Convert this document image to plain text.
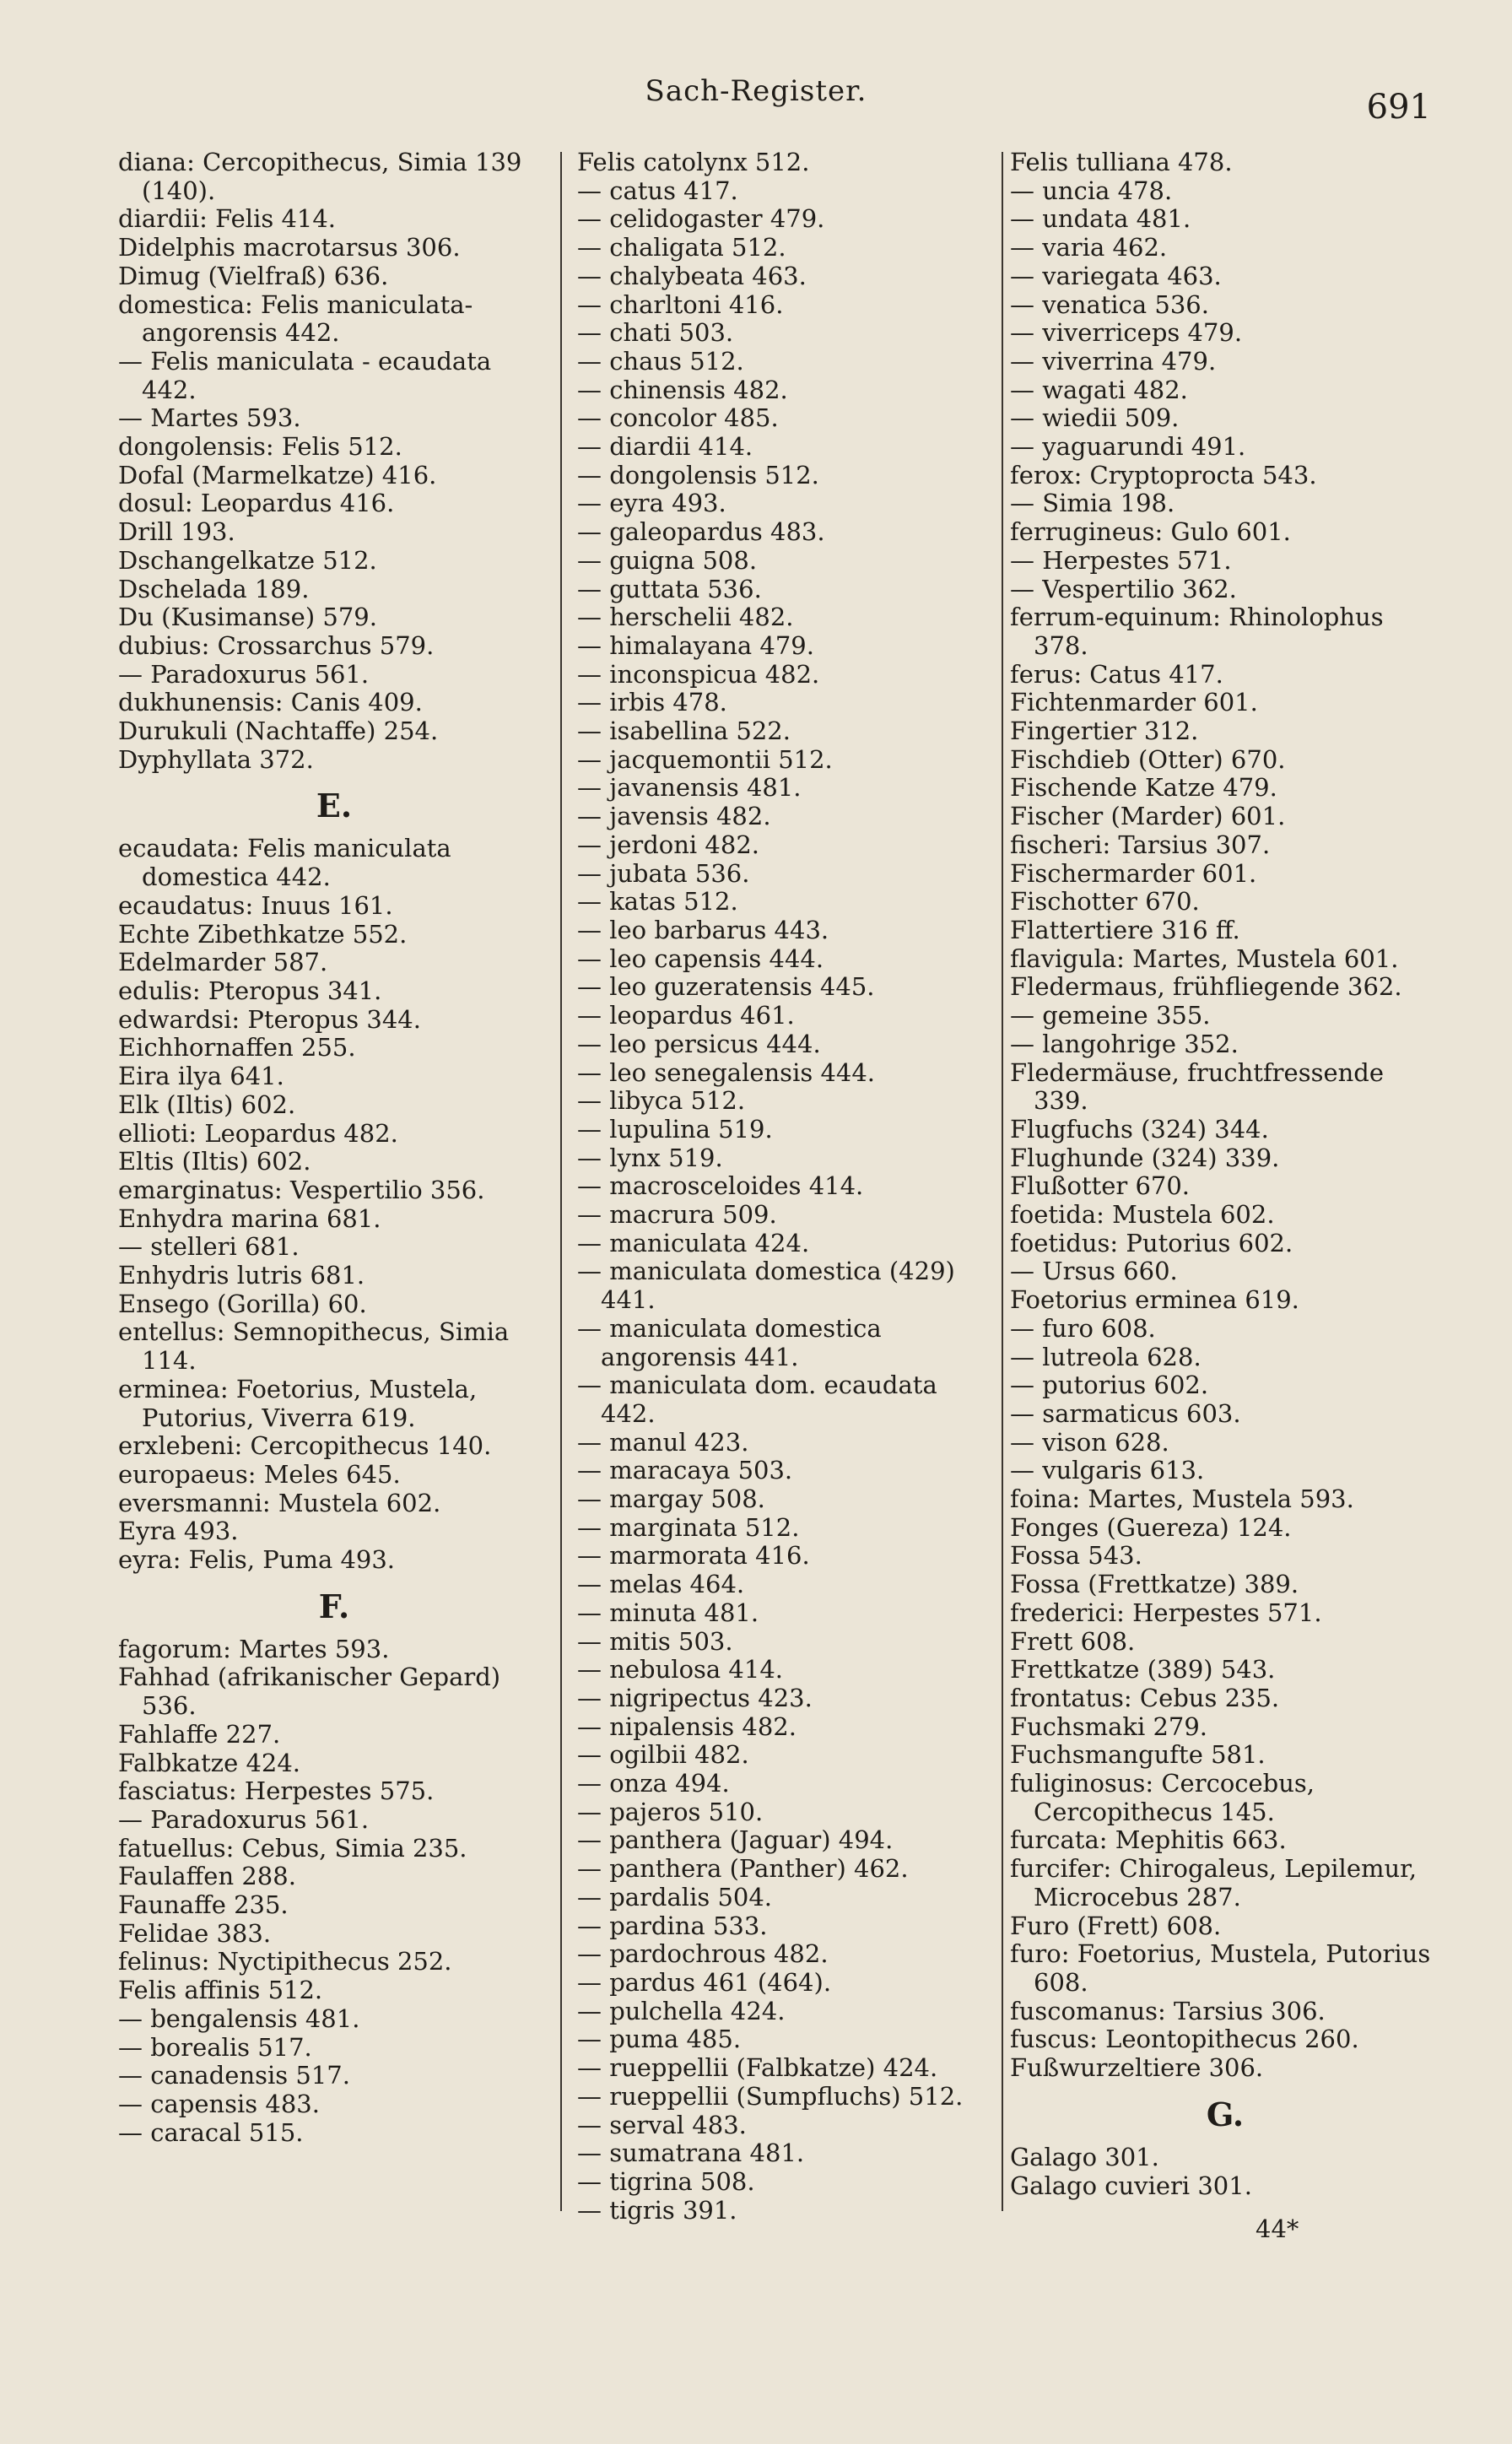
Sach-Register.	691

diana: Cercopithecus, Simia 139 (140).

diardii: Felis 414.

Didelphis macrotarsus 306.

Dimug (Vielfraß) 636.

domestica: Felis maniculata-angorensis 442.

— Felis maniculata - ecaudata 442.

— Martes 593.

dongolensis: Felis 512.

Dofal (Marmelkatze) 416.

dosul: Leopardus 416.

Drill 193.

Dschangelkatze 512.

Dschelada 189.

Du (Kusimanse) 579.

dubius: Crossarchus 579.

— Paradoxurus 561.

dukhunensis: Canis 409.

Durukuli (Nachtaffe) 254.

Dyphyllata 372.

E.

ecaudata: Felis maniculata domestica 442.

ecaudatus: Inuus 161.

Echte Zibethkatze 552.

Edelmarder 587.

edulis: Pteropus 341.

edwardsi: Pteropus 344.

Eichhornaffen 255.

Eira ilya 641.

Elk (Iltis) 602.

ellioti: Leopardus 482.

Eltis (Iltis) 602.

emarginatus: Vespertilio 356.

Enhydra marina 681.

— stelleri 681.

Enhydris lutris 681.

Ensego (Gorilla) 60.

entellus: Semnopithecus, Simia 114.

erminea: Foetorius, Mustela, Putorius, Viverra 619.

erxlebeni: Cercopithecus 140.

europaeus: Meles 645.

eversmanni: Mustela 602.

Eyra 493.

eyra: Felis, Puma 493.

F.

fagorum: Martes 593.

Fahhad (afrikanischer Gepard) 536.

Fahlaffe 227.

Falbkatze 424.

fasciatus: Herpestes 575.

— Paradoxurus 561.

fatuellus: Cebus, Simia 235.

Faulaffen 288.

Faunaffe 235.

Felidae 383.

felinus: Nyctipithecus 252.

Felis affinis 512.

— bengalensis 481.

— borealis 517.

— canadensis 517.

— capensis 483.

— caracal 515.

Felis catolynx 512.

— catus 417.

— celidogaster 479.

— chaligata 512.

— chalybeata 463.

— charltoni 416.

— chati 503.

— chaus 512.

— chinensis 482.

— concolor 485.

— diardii 414.

— dongolensis 512.

— eyra 493.

— galeopardus 483.

— guigna 508.

— guttata 536.

— herschelii 482.

— himalayana 479.

— inconspicua 482.

— irbis 478.

— isabellina 522.

— jacquemontii 512.

— javanensis 481.

— javensis 482.

— jerdoni 482.

— jubata 536.

— katas 512.

— leo barbarus 443.

— leo capensis 444.

— leo guzeratensis 445.

— leopardus 461.

— leo persicus 444.

— leo senegalensis 444.

— libyca 512.

— lupulina 519.

— lynx 519.

— macrosceloides 414.

— macrura 509.

— maniculata 424.

— maniculata domestica (429) 441.

— maniculata domestica angorensis 441.

— maniculata dom. ecaudata 442.

— manul 423.

— maracaya 503.

— margay 508.

— marginata 512.

— marmorata 416.

— melas 464.

— minuta 481.

— mitis 503.

— nebulosa 414.

— nigripectus 423.

— nipalensis 482.

— ogilbii 482.

— onza 494.

— pajeros 510.

— panthera (Jaguar) 494.

— panthera (Panther) 462.

— pardalis 504.

— pardina 533.

— pardochrous 482.

— pardus 461 (464).

— pulchella 424.

— puma 485.

— rueppellii (Falbkatze) 424.

— rueppellii (Sumpfluchs) 512.

— serval 483.

— sumatrana 481.

— tigrina 508.

— tigris 391.

Felis tulliana 478.

— uncia 478.

— undata 481.

— varia 462.

— variegata 463.

— venatica 536.

— viverriceps 479.

— viverrina 479.

— wagati 482.

— wiedii 509.

— yaguarundi 491.

ferox: Cryptoprocta 543.

— Simia 198.

ferrugineus: Gulo 601.

— Herpestes 571.

— Vespertilio 362.

ferrum-equinum: Rhinolophus 378.

ferus: Catus 417.

Fichtenmarder 601.

Fingertier 312.

Fischdieb (Otter) 670.

Fischende Katze 479.

Fischer (Marder) 601.

fischeri: Tarsius 307.

Fischermarder 601.

Fischotter 670.

Flattertiere 316 ff.

flavigula: Martes, Mustela 601.

Fledermaus, frühfliegende 362.

— gemeine 355.

— langohrige 352.

Fledermäuse, fruchtfressende 339.

Flugfuchs (324) 344.

Flughunde (324) 339.

Flußotter 670.

foetida: Mustela 602.

foetidus: Putorius 602.

— Ursus 660.

Foetorius erminea 619.

— furo 608.

— lutreola 628.

— putorius 602.

— sarmaticus 603.

— vison 628.

— vulgaris 613.

foina: Martes, Mustela 593.

Fonges (Guereza) 124.

Fossa 543.

Fossa (Frettkatze) 389.

frederici: Herpestes 571.

Frett 608.

Frettkatze (389) 543.

frontatus: Cebus 235.

Fuchsmaki 279.

Fuchsmangufte 581.

fuliginosus: Cercocebus, Cercopithecus 145.

furcata: Mephitis 663.

furcifer: Chirogaleus, Lepilemur, Microcebus 287.

Furo (Frett) 608.

furo: Foetorius, Mustela, Putorius 608.

fuscomanus: Tarsius 306.

fuscus: Leontopithecus 260.

Fußwurzeltiere 306.

G.

Galago 301.

Galago cuvieri 301.

44*
